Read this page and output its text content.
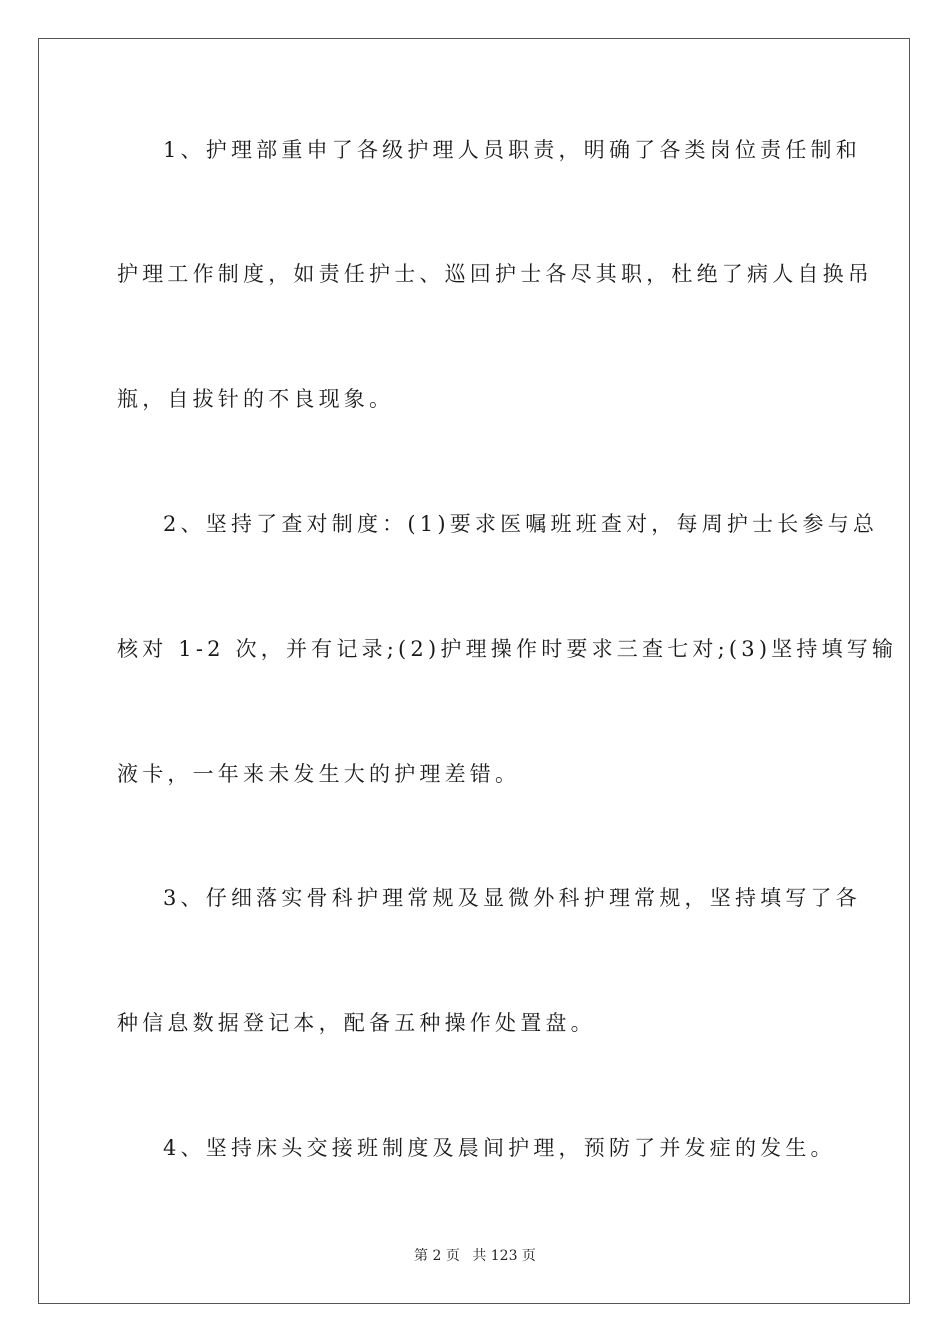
1、护理部重申了各级护理人员职责，明确了各类岗位责任制和
护理工作制度，如责任护士、巡回护士各尽其职，杜绝了病人自换吊
瓶，自拔针的不良现象。
2、坚持了查对制度：(1)要求医嘱班班查对，每周护士长参与总
核对 1-2 次，并有记录;(2)护理操作时要求三查七对;(3)坚持填写输
液卡，一年来未发生大的护理差错。
3、仔细落实骨科护理常规及显微外科护理常规，坚持填写了各
种信息数据登记本，配备五种操作处置盘。
4、坚持床头交接班制度及晨间护理，预防了并发症的发生。
第 2 页 共 123 页
